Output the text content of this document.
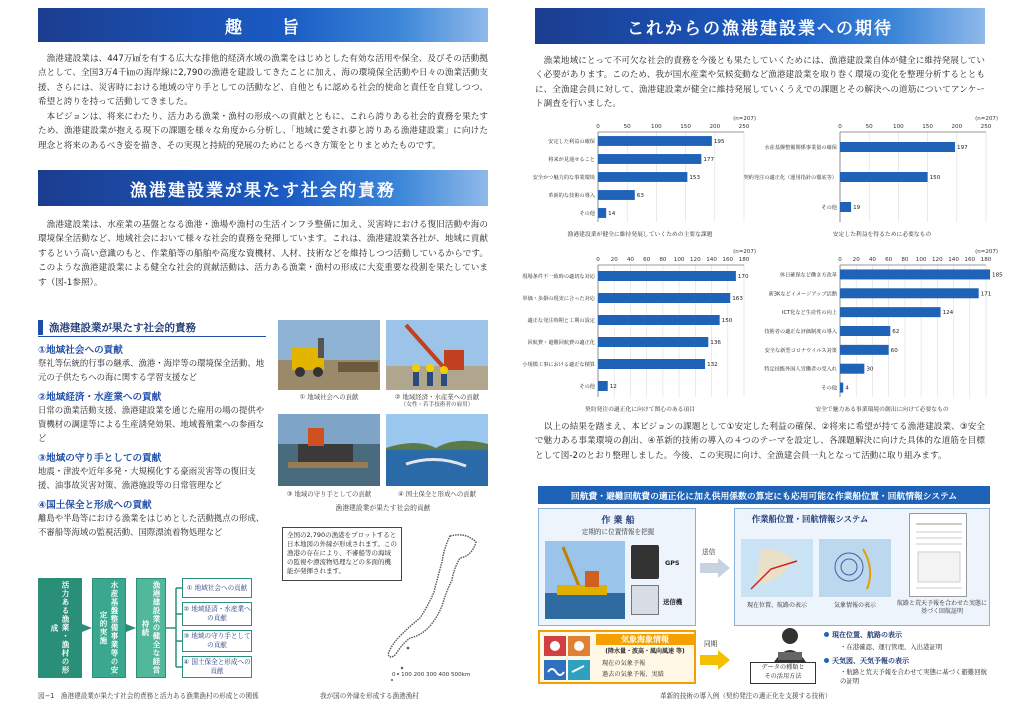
趣　　旨
漁港建設業は、447万㎢を有する広大な排他的経済水域の漁業をはじめとした有効な活用や保全、及びその活動拠点として、全国3万4千㎞の海岸線に2,790の漁港を建設してきたことに加え、海の環境保全活動や日々の漁業活動支援、さらには、災害時における地域の守り手としての活動など、自他ともに認める社会的使命と責任を自覚しつつ、希望と誇りを持って活動してきました。
本ビジョンは、将来にわたり、活力ある漁業・漁村の形成への貢献とともに、これら誇りある社会的責務を果たすため、漁港建設業が抱える現下の課題を様々な角度から分析し、「地域に愛され夢と誇りある漁港建設業」に向けた理念と将来のあるべき姿を描き、その実現と持続的発展のためにとるべき方策をとりまとめたものです。
漁港建設業が果たす社会的責務
漁港建設業は、水産業の基盤となる漁港・漁場や漁村の生活インフラ整備に加え、災害時における復旧活動や海の環境保全活動など、地域社会において様々な社会的責務を発揮しています。これは、漁港建設業各社が、地域に貢献するという高い意識のもと、作業船等の船舶や高度な資機材、人材、技術などを維持しつつ活動しているからです。このような漁港建設業による健全な社会的貢献活動は、活力ある漁業・漁村の形成に大変重要な役割を果たしています（図-1参照）。
漁港建設業が果たす社会的責務
①地域社会への貢献
祭礼等伝統的行事の継承、漁港・海岸等の環境保全活動、地元の子供たちへの海に関する学習支援など
②地域経済・水産業への貢献
日常の漁業活動支援、漁港建設業を通じた雇用の場の提供や資機材の調達等による生産誘発効果、地域養殖業への参画など
③地域の守り手としての貢献
地震・津波や近年多発・大規模化する豪雨災害等の復旧支援、油事故災害対策、漁港施設等の日常管理など
④国土保全と形成への貢献
離島や半島等における漁業をはじめとした活動拠点の形成、不審船等海域の監視活動、国際漂流着物処理など
① 地域社会への貢献	② 地域経済・水産業への貢献
（女性・若手技術者の雇用）
③ 地域の守り手としての貢献	④ 国土保全と形成への貢献
漁港建設業が果たす社会的貢献
全国の2,790の漁港をプロットすると日本地図の外縁が形成されます。この漁港の存在により、不審船等の海域の監視や漂流物処理などの多面的機能が発揮されます。
0　100 200 300 400 500km
我が国の外縁を形成する漁港漁村
活力ある漁業・漁村の形成	水産基盤整備事業等の安定的実施	漁港建設業の健全な経営持続
① 地域社会への貢献
② 地域経済・水産業への貢献
③ 地域の守り手としての貢献
④ 国土保全と形成への貢献
図−1　漁港建設業が果たす社会的責務と活力ある漁業漁村の形成との関係
これからの漁港建設業への期待
漁業地域にとって不可欠な社会的責務を今後とも果たしていくためには、漁港建設業自体が健全に維持発展していく必要があります。このため、我が国水産業や気候変動など漁港建設業を取り巻く環境の変化を整理分析するとともに、全漁建会員に対して、漁港建設業が健全に維持発展していくうえでの課題とその解決への道筋についてアンケート調査を行いました。
(n=207)
0	50	100	150	200	250
安定した利益の確保	195
将来が見通せること	177
安全かつ魅力的な事業環境	153
革新的な技術の導入	63
その他 14
漁港建設業が健全に維持発展していくための主要な課題
(n=207)
0	50	100	150	200	250
水産基盤整備関係事業量の確保	197
契約発注の適正化（運用指針の徹底等）	150
その他	19
安定した利益を得るために必要なもの
(n=207)
0 20 40 60 80 100 120 140 160 180
現場条件不一致時の適切な対応	170
単価・歩掛の現実に合った対応	163
適正な発注時期と工期の設定	150
回航費・避難回航費の適正化	136
小規模工事における適正な積算	132
その他	12
契約発注の適正化に向けて関心のある項目
(n=207)
0 20 40 60 80 100 120 140 160 180
休日確保など働き方改革	185
新3Kなどイメージアップ活動	171
ICT化など生産性の向上	124
技術者の適正な評価制度の導入	62
安全な新型コロナウイルス対策	60
特定技能外国人労働者の受入れ	30
その他 4
安全で魅力ある事業環境の創出に向けて必要なもの
以上の結果を踏まえ、本ビジョンの課題として①安定した利益の確保、②将来に希望が持てる漁港建設業、③安全で魅力ある事業環境の創出、④革新的技術の導入の４つのテーマを設定し、各課題解決に向けた具体的な道筋を目標として図-2のとおり整理しました。今後、この実現に向け、全漁建会員一丸となって活動に取り組みます。
回航費・避難回航費の適正化に加え供用係数の算定にも応用可能な作業船位置・回航情報システム
作 業 船
定期的に位置情報を把握
GPS
送信機
送信
作業船位置・回航情報システム
現在位置、航路の表示	気象情報の表示	航路と荒天予報を合わせた実態に基づく回航証明
気象海象情報
(降水量・波高・風向風速 等)
現在の気象予報
過去の気象予報、実績
同期
データの種類と
その活用方法
現在位置、航路の表示
・在港確認、運行管理、入出港証明
天気図、天気予報の表示
・航路と荒天予報を合わせて実態に基づく避難回航の証明
革新的技術の導入例（契約発注の適正化を支援する技術）
